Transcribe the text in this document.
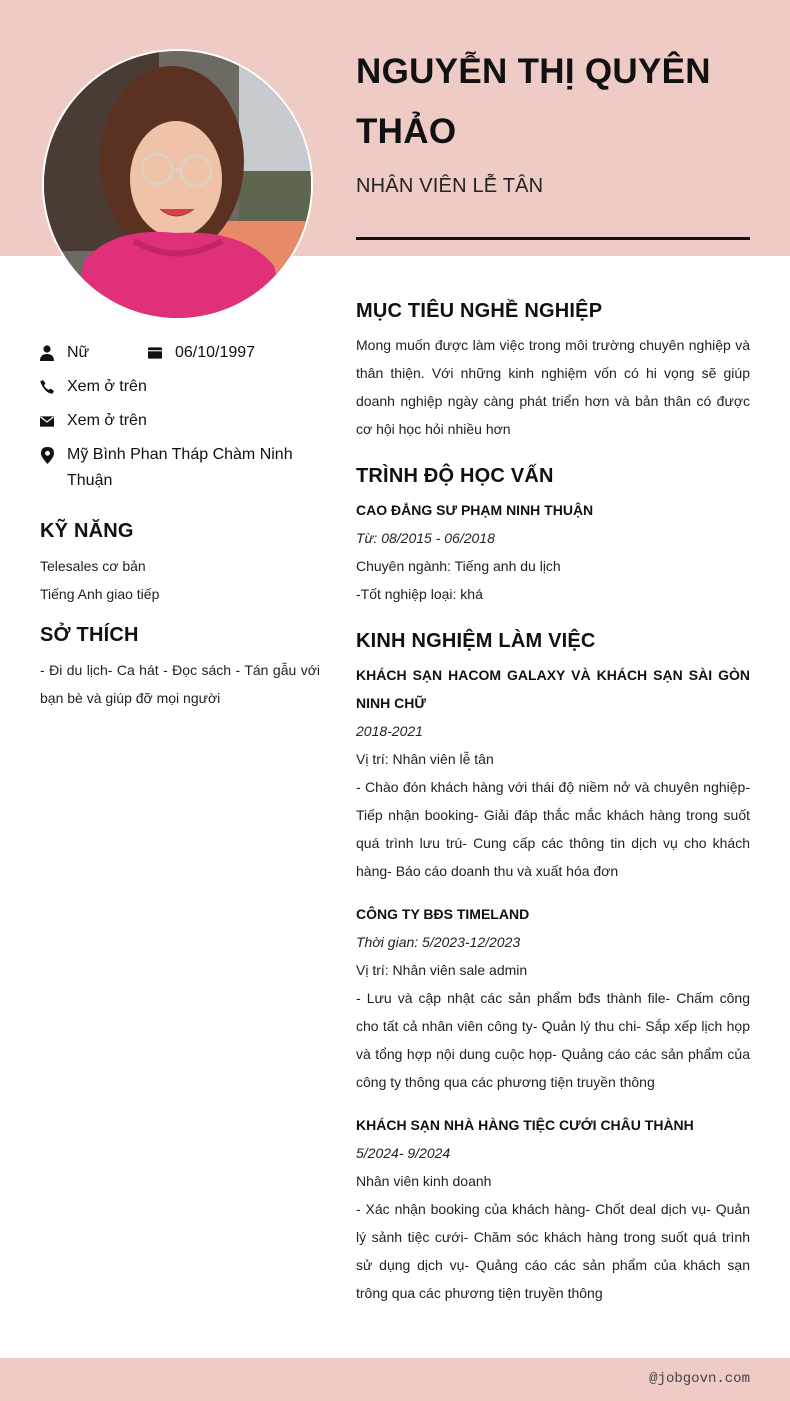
NGUYỄN THỊ QUYÊN THẢO
NHÂN VIÊN LỄ TÂN
Nữ	06/10/1997
Xem ở trên
Xem ở trên
Mỹ Bình Phan Tháp Chàm Ninh Thuận
KỸ NĂNG
Telesales cơ bản
Tiếng Anh giao tiếp
SỞ THÍCH
- Đi du lịch- Ca hát - Đọc sách - Tán gẫu với bạn bè và giúp đỡ mọi người
MỤC TIÊU NGHỀ NGHIỆP
Mong muốn được làm việc trong môi trường chuyên nghiệp và thân thiện. Với những kinh nghiệm vốn có hi vọng sẽ giúp doanh nghiệp ngày càng phát triển hơn và bản thân có được cơ hội học hỏi nhiều hơn
TRÌNH ĐỘ HỌC VẤN
CAO ĐẲNG SƯ PHẠM NINH THUẬN
Từ: 08/2015 - 06/2018
Chuyên ngành: Tiếng anh du lịch
-Tốt nghiệp loại: khá
KINH NGHIỆM LÀM VIỆC
KHÁCH SẠN HACOM GALAXY VÀ KHÁCH SẠN SÀI GÒN NINH CHỮ
2018-2021
Vị trí: Nhân viên lễ tân
- Chào đón khách hàng với thái độ niềm nở và chuyên nghiệp- Tiếp nhận booking- Giải đáp thắc mắc khách hàng trong suốt quá trình lưu trú- Cung cấp các thông tin dịch vụ cho khách hàng- Báo cáo doanh thu và xuất hóa đơn
CÔNG TY BĐS TIMELAND
Thời gian: 5/2023-12/2023
Vị trí: Nhân viên sale admin
- Lưu và cập nhật các sản phẩm bđs thành file- Chấm công cho tất cả nhân viên công ty- Quản lý thu chi- Sắp xếp lịch họp và tổng hợp nội dung cuộc họp- Quảng cáo các sản phẩm của công ty thông qua các phương tiện truyền thông
KHÁCH SẠN NHÀ HÀNG TIỆC CƯỚI CHÂU THÀNH
5/2024- 9/2024
Nhân viên kinh doanh
- Xác nhận booking của khách hàng- Chốt deal dịch vụ- Quản lý sảnh tiệc cưới- Chăm sóc khách hàng trong suốt quá trình sử dụng dịch vụ- Quảng cáo các sản phẩm của khách sạn trông qua các phương tiện truyền thông
@jobgovn.com
